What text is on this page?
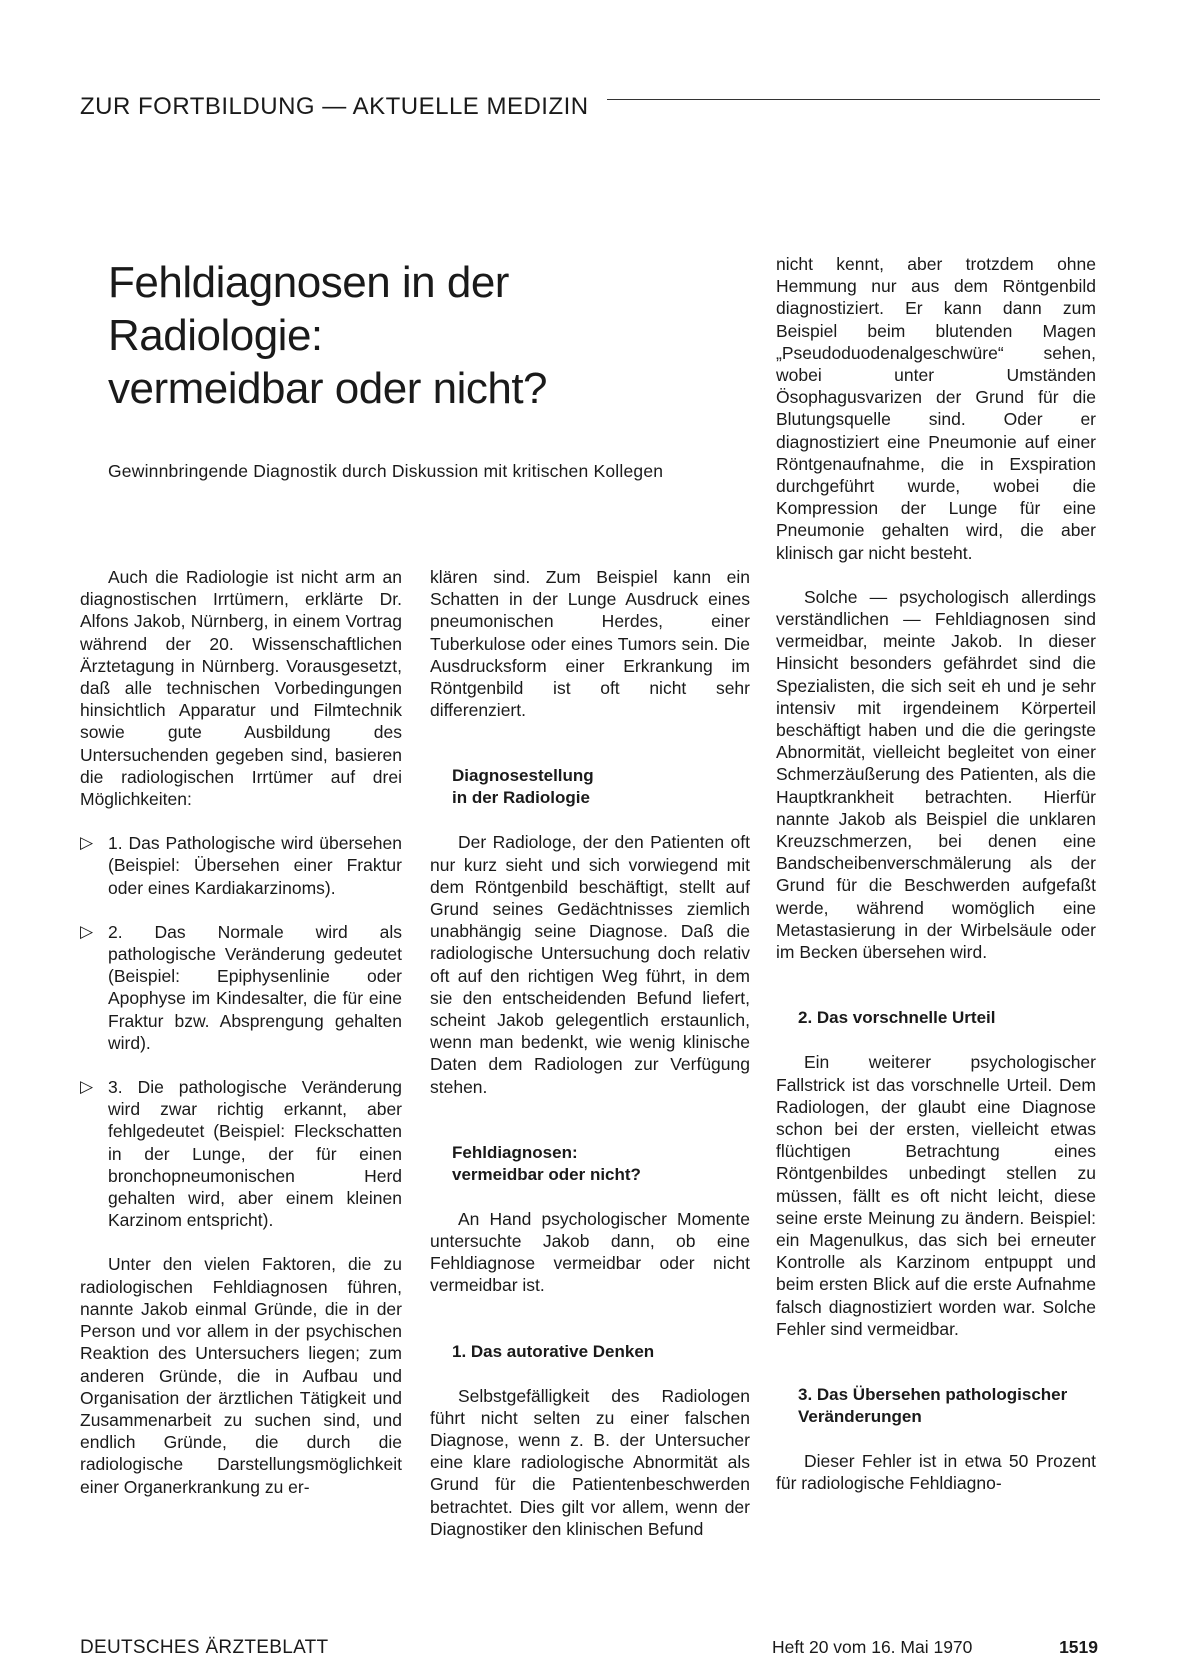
ZUR FORTBILDUNG — AKTUELLE MEDIZIN
Fehldiagnosen in der
Radiologie:
vermeidbar oder nicht?

Gewinnbringende Diagnostik durch Diskussion mit kritischen Kollegen

Auch die Radiologie ist nicht arm an diagnostischen Irrtümern, erklärte Dr. Alfons Jakob, Nürnberg, in einem Vortrag während der 20. Wissenschaftlichen Ärztetagung in Nürnberg. Vorausgesetzt, daß alle technischen Vorbedingungen hinsichtlich Apparatur und Filmtechnik sowie gute Ausbildung des Untersuchenden gegeben sind, basieren die radiologischen Irrtümer auf drei Möglichkeiten:

▷ 1. Das Pathologische wird übersehen (Beispiel: Übersehen einer Fraktur oder eines Kardiakarzinoms).
▷ 2. Das Normale wird als pathologische Veränderung gedeutet (Beispiel: Epiphysenlinie oder Apophyse im Kindesalter, die für eine Fraktur bzw. Absprengung gehalten wird).
▷ 3. Die pathologische Veränderung wird zwar richtig erkannt, aber fehlgedeutet (Beispiel: Fleckschatten in der Lunge, der für einen bronchopneumonischen Herd gehalten wird, aber einem kleinen Karzinom entspricht).

Unter den vielen Faktoren, die zu radiologischen Fehldiagnosen führen, nannte Jakob einmal Gründe, die in der Person und vor allem in der psychischen Reaktion des Untersuchers liegen; zum anderen Gründe, die in Aufbau und Organisation der ärztlichen Tätigkeit und Zusammenarbeit zu suchen sind, und endlich Gründe, die durch die radiologische Darstellungsmöglichkeit einer Organerkrankung zu er-

klären sind. Zum Beispiel kann ein Schatten in der Lunge Ausdruck eines pneumonischen Herdes, einer Tuberkulose oder eines Tumors sein. Die Ausdrucksform einer Erkrankung im Röntgenbild ist oft nicht sehr differenziert.

Diagnosestellung
in der Radiologie

Der Radiologe, der den Patienten oft nur kurz sieht und sich vorwiegend mit dem Röntgenbild beschäftigt, stellt auf Grund seines Gedächtnisses ziemlich unabhängig seine Diagnose. Daß die radiologische Untersuchung doch relativ oft auf den richtigen Weg führt, in dem sie den entscheidenden Befund liefert, scheint Jakob gelegentlich erstaunlich, wenn man bedenkt, wie wenig klinische Daten dem Radiologen zur Verfügung stehen.

Fehldiagnosen:
vermeidbar oder nicht?

An Hand psychologischer Momente untersuchte Jakob dann, ob eine Fehldiagnose vermeidbar oder nicht vermeidbar ist.

1. Das autorative Denken

Selbstgefälligkeit des Radiologen führt nicht selten zu einer falschen Diagnose, wenn z. B. der Untersucher eine klare radiologische Abnormität als Grund für die Patientenbeschwerden betrachtet. Dies gilt vor allem, wenn der Diagnostiker den klinischen Befund

nicht kennt, aber trotzdem ohne Hemmung nur aus dem Röntgenbild diagnostiziert. Er kann dann zum Beispiel beim blutenden Magen „Pseudoduodenalgeschwüre“ sehen, wobei unter Umständen Ösophagusvarizen der Grund für die Blutungsquelle sind. Oder er diagnostiziert eine Pneumonie auf einer Röntgenaufnahme, die in Exspiration durchgeführt wurde, wobei die Kompression der Lunge für eine Pneumonie gehalten wird, die aber klinisch gar nicht besteht.

Solche — psychologisch allerdings verständlichen — Fehldiagnosen sind vermeidbar, meinte Jakob. In dieser Hinsicht besonders gefährdet sind die Spezialisten, die sich seit eh und je sehr intensiv mit irgendeinem Körperteil beschäftigt haben und die die geringste Abnormität, vielleicht begleitet von einer Schmerzäußerung des Patienten, als die Hauptkrankheit betrachten. Hierfür nannte Jakob als Beispiel die unklaren Kreuzschmerzen, bei denen eine Bandscheibenverschmälerung als der Grund für die Beschwerden aufgefaßt werde, während womöglich eine Metastasierung in der Wirbelsäule oder im Becken übersehen wird.

2. Das vorschnelle Urteil

Ein weiterer psychologischer Fallstrick ist das vorschnelle Urteil. Dem Radiologen, der glaubt eine Diagnose schon bei der ersten, vielleicht etwas flüchtigen Betrachtung eines Röntgenbildes unbedingt stellen zu müssen, fällt es oft nicht leicht, diese seine erste Meinung zu ändern. Beispiel: ein Magenulkus, das sich bei erneuter Kontrolle als Karzinom entpuppt und beim ersten Blick auf die erste Aufnahme falsch diagnostiziert worden war. Solche Fehler sind vermeidbar.

3. Das Übersehen pathologischer
Veränderungen

Dieser Fehler ist in etwa 50 Prozent für radiologische Fehldiagno-

DEUTSCHES ÄRZTEBLATT	Heft 20 vom 16. Mai 1970	1519
